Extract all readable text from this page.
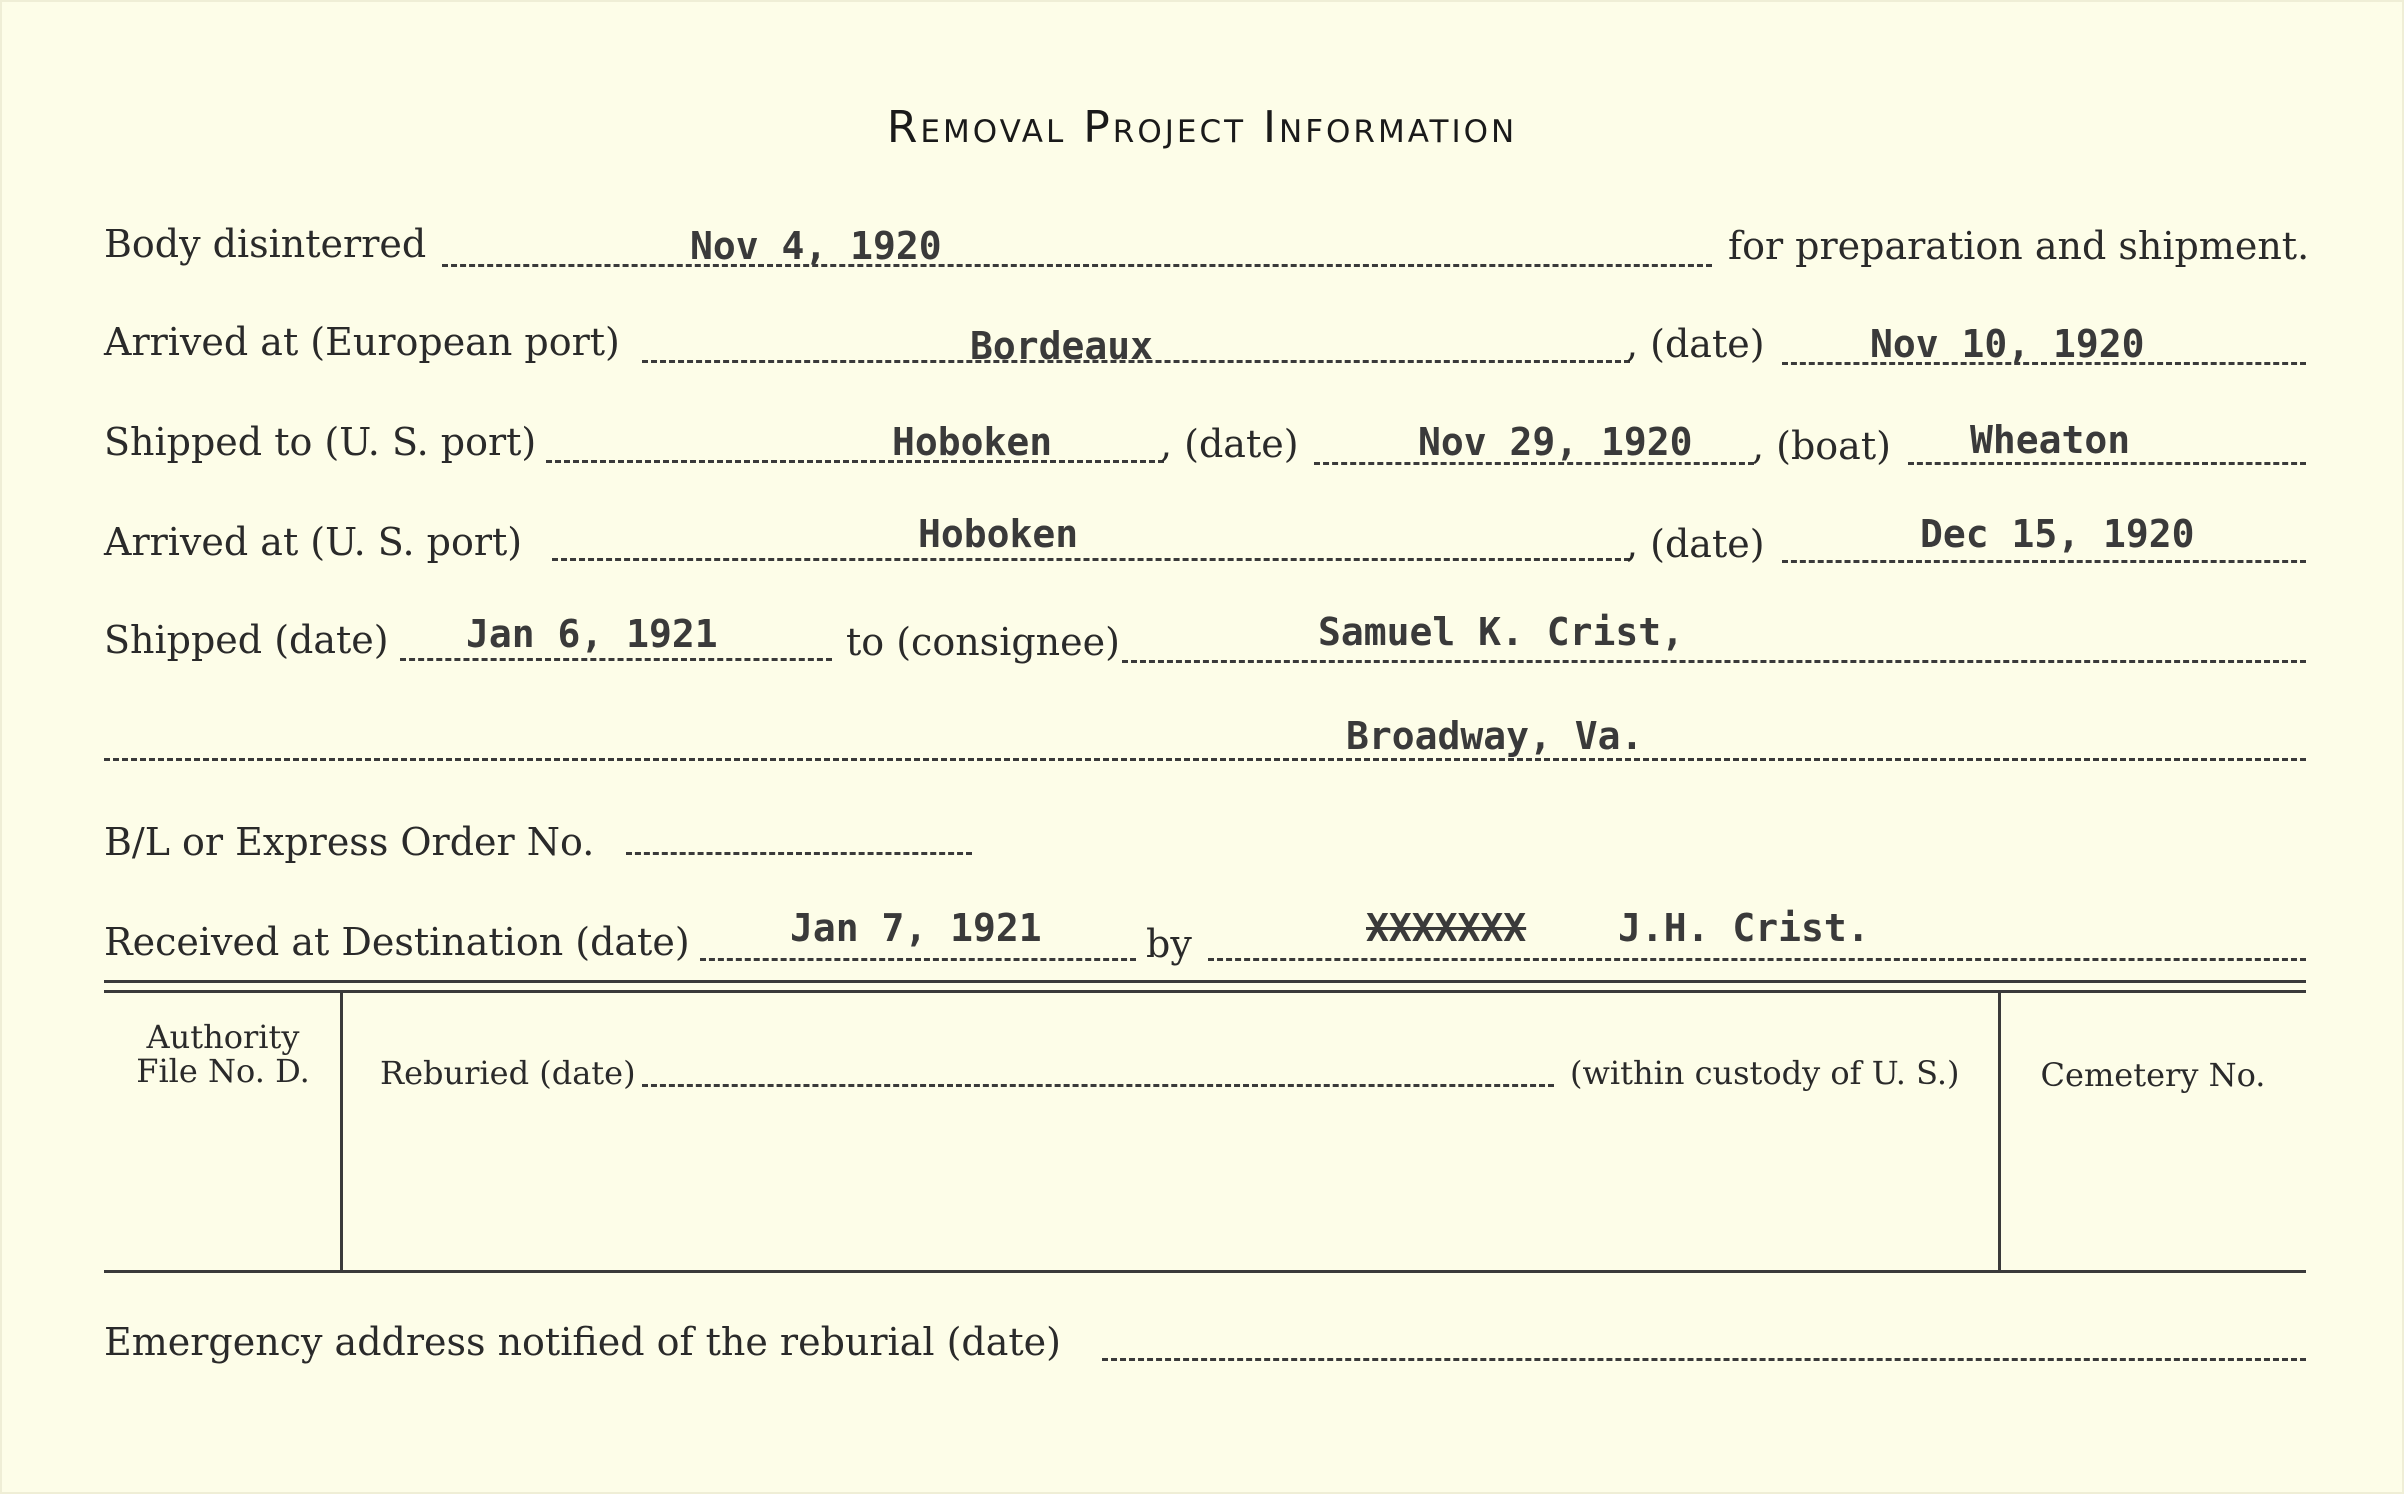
Removal Project Information
Body disinterred	Nov 4, 1920	for preparation and shipment.
Arrived at (European port)	Bordeaux	, (date)	Nov 10, 1920
Shipped to (U. S. port)	Hoboken	, (date)	Nov 29, 1920 , (boat) Wheaton
Arrived at (U. S. port)	Hoboken	, (date)	Dec 15, 1920
Shipped (date) Jan 6, 1921	to (consignee)	Samuel K. Crist,
Broadway, Va.
B/L or Express Order No.
Received at Destination (date)	Jan 7, 1921	by	XXXXXXX J.H. Crist.
Authority
File No. D.	Reburied (date)	(within custody of U. S.)	Cemetery No.
Emergency address notified of the reburial (date)
